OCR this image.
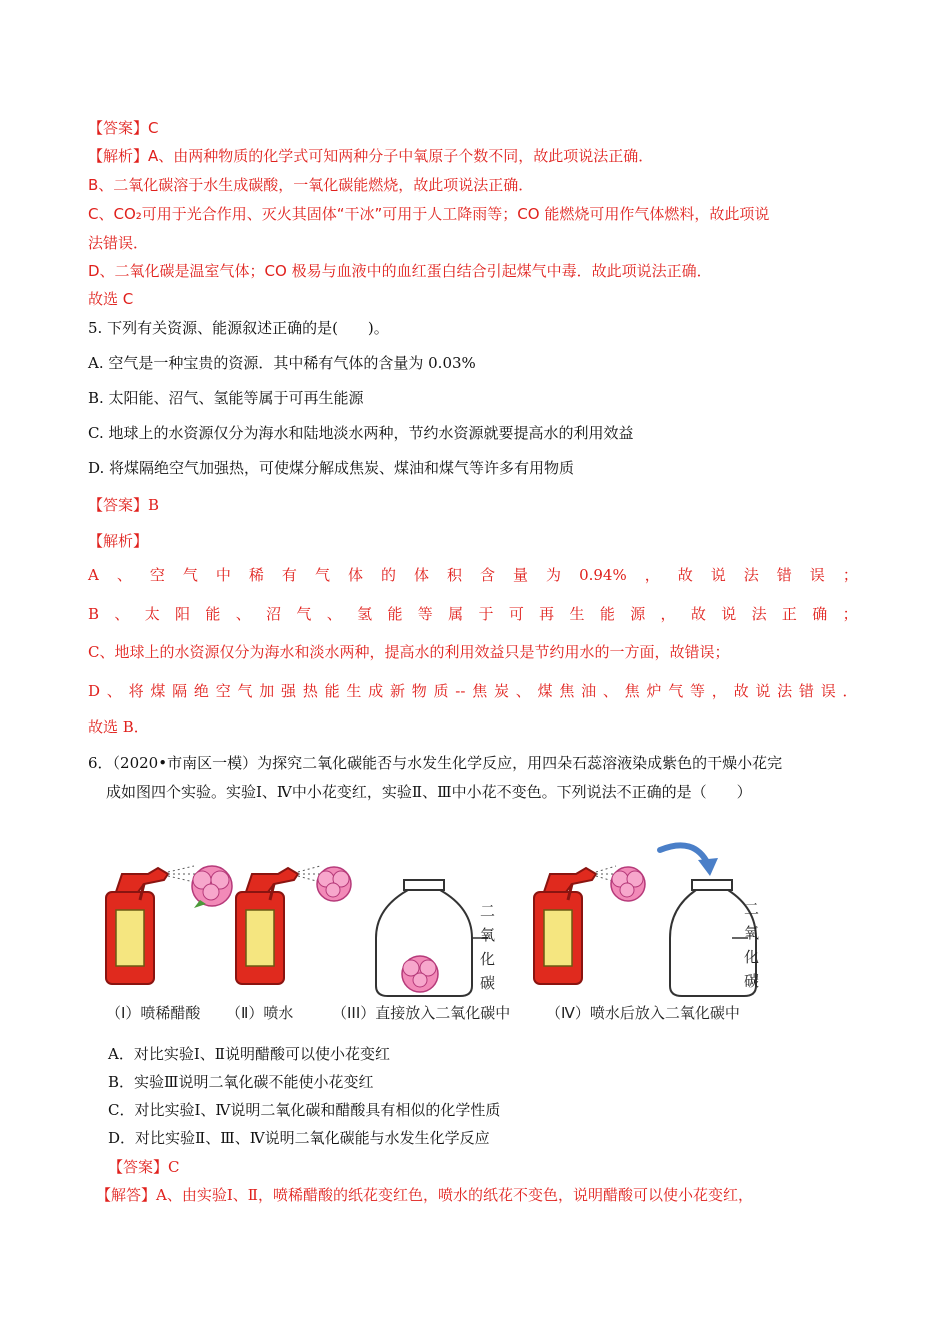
【答案】C
【解析】A、由两种物质的化学式可知两种分子中氧原子个数不同，故此项说法正确．
B、二氧化碳溶于水生成碳酸，一氧化碳能燃烧，故此项说法正确．
C、CO₂可用于光合作用、灭火其固体“干冰”可用于人工降雨等；CO 能燃烧可用作气体燃料，故此项说
法错误．
D、二氧化碳是温室气体；CO 极易与血液中的血红蛋白结合引起煤气中毒．故此项说法正确．
故选 C
5. 下列有关资源、能源叙述正确的是(　　)。
A. 空气是一种宝贵的资源．其中稀有气体的含量为 0.03%
B. 太阳能、沼气、氢能等属于可再生能源
C. 地球上的水资源仅分为海水和陆地淡水两种，节约水资源就要提高水的利用效益
D. 将煤隔绝空气加强热，可使煤分解成焦炭、煤油和煤气等许多有用物质
【答案】B
【解析】
A 、 空 气 中 稀 有 气 体 的 体 积 含 量 为 0.94% ， 故 说 法 错 误 ；
B 、 太 阳 能 、 沼 气 、 氢 能 等 属 于 可 再 生 能 源 ， 故 说 法 正 确 ；
C、地球上的水资源仅分为海水和淡水两种，提高水的利用效益只是节约用水的一方面，故错误；
D 、 将 煤 隔 绝 空 气 加 强 热 能 生 成 新 物 质 -- 焦 炭 、 煤 焦 油 、 焦 炉 气 等 ， 故 说 法 错 误 ．
故选 B．
6．（2020•市南区一模）为探究二氧化碳能否与水发生化学反应，用四朵石蕊溶液染成紫色的干燥小花完
成如图四个实验。实验Ⅰ、Ⅳ中小花变红，实验Ⅱ、Ⅲ中小花不变色。下列说法不正确的是（　　）
二
氧
化
碳
二
氧
化
碳
（I）喷稀醋酸 （Ⅱ）喷水	（III）直接放入二氧化碳中 （Ⅳ）喷水后放入二氧化碳中
A．对比实验Ⅰ、Ⅱ说明醋酸可以使小花变红
B．实验Ⅲ说明二氧化碳不能使小花变红
C．对比实验Ⅰ、Ⅳ说明二氧化碳和醋酸具有相似的化学性质
D．对比实验Ⅱ、Ⅲ、Ⅳ说明二氧化碳能与水发生化学反应
【答案】C
【解答】A、由实验Ⅰ、Ⅱ，喷稀醋酸的纸花变红色，喷水的纸花不变色，说明醋酸可以使小花变红，
